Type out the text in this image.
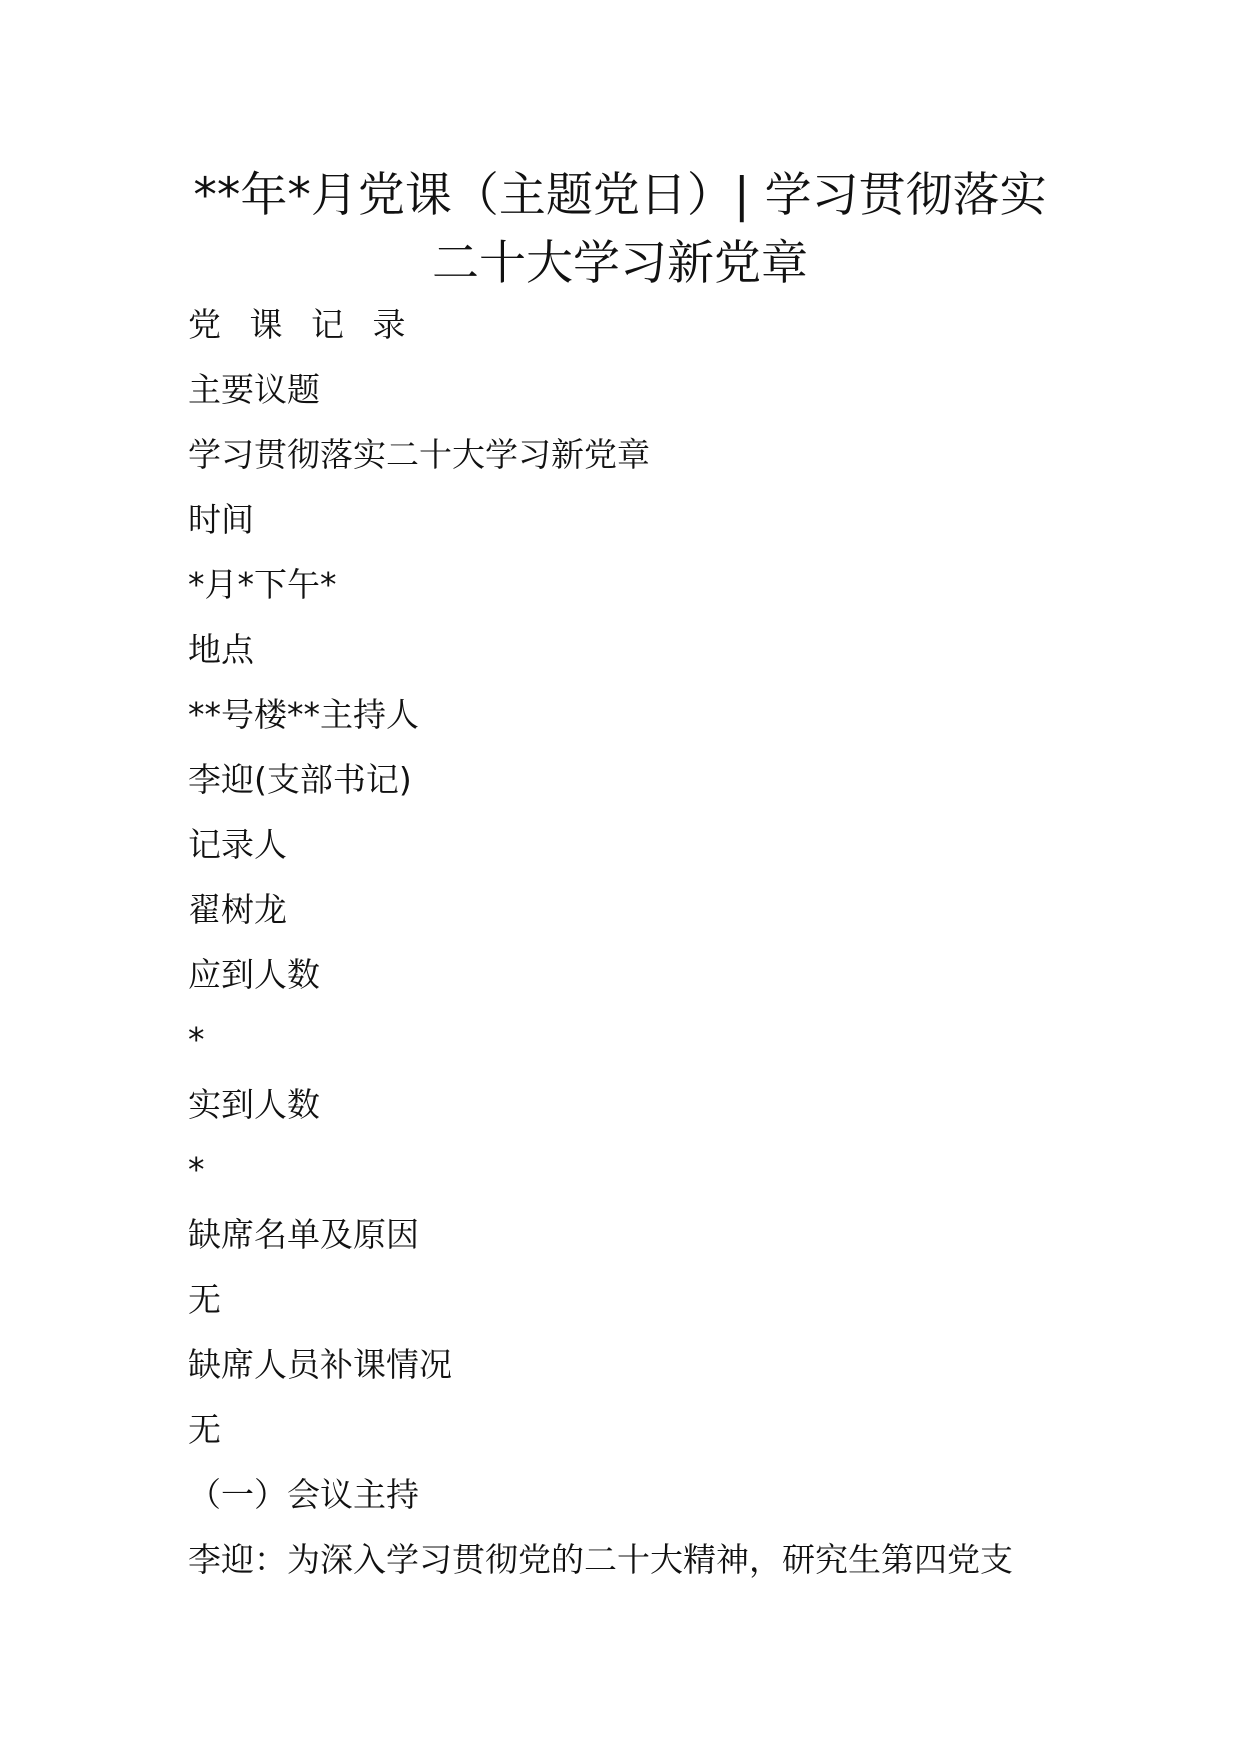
**年*月党课（主题党日）| 学习贯彻落实
二十大学习新党章
党 课 记 录
主要议题
学习贯彻落实二十大学习新党章
时间
*月*下午*
地点
**号楼**主持人
李迎(支部书记)
记录人
翟树龙
应到人数
*
实到人数
*
缺席名单及原因
无
缺席人员补课情况
无
（一）会议主持
李迎：为深入学习贯彻党的二十大精神，研究生第四党支
